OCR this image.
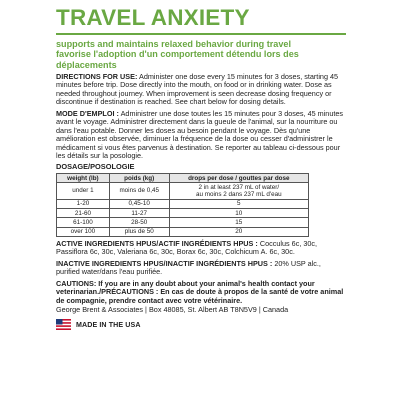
TRAVEL ANXIETY
supports and maintains relaxed behavior during travel
favorise l'adoption d'un comportement détendu lors des déplacements
DIRECTIONS FOR USE: Administer one dose every 15 minutes for 3 doses, starting 45 minutes before trip. Dose directly into the mouth, on food or in drinking water. Dose as needed throughout journey. When improvement is seen decrease dosing frequency or discontinue if destination is reached. See chart below for dosing details.
MODE D'EMPLOI : Administrer une dose toutes les 15 minutes pour 3 doses, 45 minutes avant le voyage. Administrer directement dans la gueule de l'animal, sur la nourriture ou dans l'eau potable. Donner les doses au besoin pendant le voyage. Dès qu'une amélioration est observée, diminuer la fréquence de la dose ou cesser d'administrer le médicament si vous êtes parvenus à destination. Se reporter au tableau ci-dessous pour les détails sur la posologie.
DOSAGE/POSOLOGIE
weight (lb)	poids (kg)	drops per dose / gouttes par dose
under 1	moins de 0,45	2 in at least 237 mL of water/
au moins 2 dans 237 mL d'eau

1-20	0,45-10	5
21-60	11-27	10
61-100	28-50	15
over 100	plus de 50	20
ACTIVE INGREDIENTS HPUS/ACTIF INGRÉDIENTS HPUS : Cocculus 6c, 30c, Passiflora 6c, 30c, Valeriana 6c, 30c, Borax 6c, 30c, Colchicum A. 6c, 30c.
INACTIVE INGREDIENTS HPUS/INACTIF INGRÉDIENTS HPUS : 20% USP alc., purified water/dans l'eau purifiée.
CAUTIONS: If you are in any doubt about your animal's health contact your veterinarian./PRÉCAUTIONS : En cas de doute à propos de la santé de votre animal de compagnie, prendre contact avec votre vétérinaire.
George Brent & Associates | Box 48085, St. Albert AB T8N5V9 | Canada
MADE IN THE USA
